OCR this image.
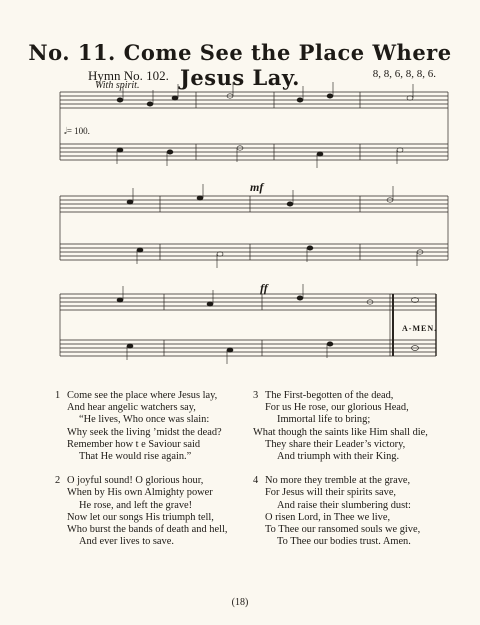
No. 11. Come See the Place Where Jesus Lay.
Hymn No. 102.	8, 8, 6, 8, 8, 6.
With spirit.
𝅗𝅥= 100.
mf
ff
A-MEN.
1 Come see the place where Jesus lay,
And hear angelic watchers say,
“He lives, Who once was slain:
Why seek the living ’midst the dead?
Remember how t e Saviour said
That He would rise again.”
2 O joyful sound! O glorious hour,
When by His own Almighty power
He rose, and left the grave!
Now let our songs His triumph tell,
Who burst the bands of death and hell,
And ever lives to save.
3 The First-begotten of the dead,
For us He rose, our glorious Head,
Immortal life to bring;
What though the saints like Him shall die,
They share their Leader’s victory,
And triumph with their King.
4 No more they tremble at the grave,
For Jesus will their spirits save,
And raise their slumbering dust:
O risen Lord, in Thee we live,
To Thee our ransomed souls we give,
To Thee our bodies trust. Amen.
(18)
